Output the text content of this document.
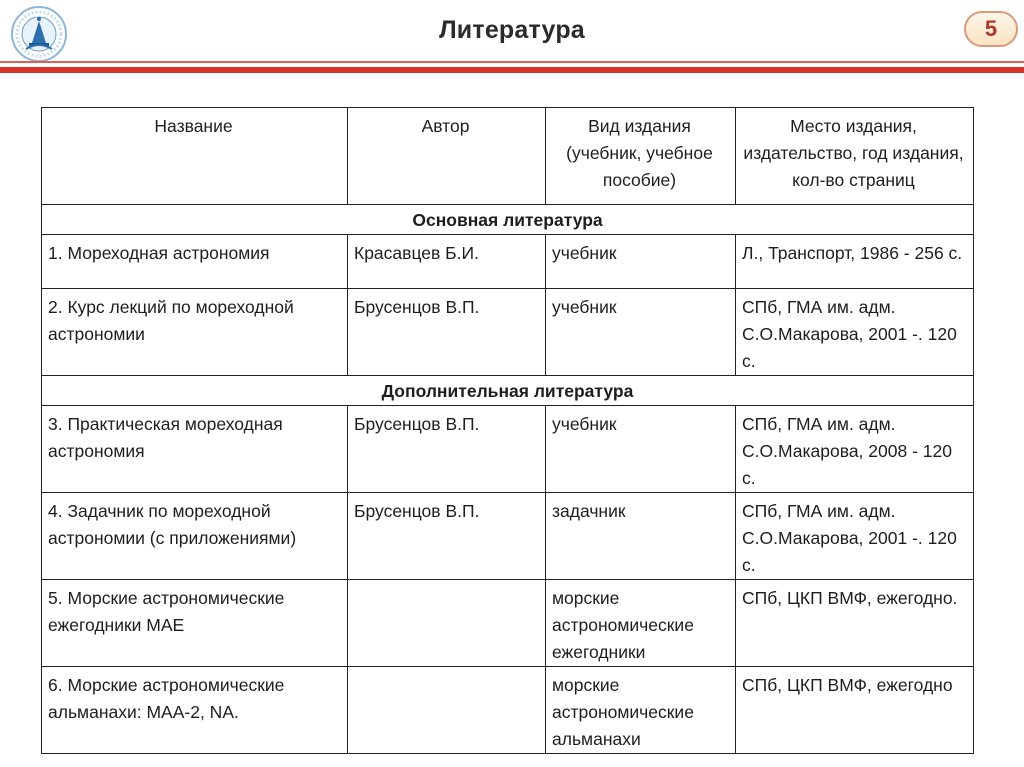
Литература	5
Название	Автор	Вид издания (учебник, учебное пособие)	Место издания, издательство, год издания, кол-во страниц
Основная литература			
1. Мореходная астрономия	Красавцев Б.И.	учебник	Л., Транспорт, 1986 - 256 с.
2. Курс лекций по мореходной астрономии	Брусенцов В.П.	учебник	СПб, ГМА им. адм. С.О.Макарова, 2001 -. 120 с.
Дополнительная литература			
3. Практическая мореходная астрономия	Брусенцов В.П.	учебник	СПб, ГМА им. адм. С.О.Макарова, 2008 - 120 с.
4. Задачник по мореходной астрономии (с приложениями)	Брусенцов В.П.	задачник	СПб, ГМА им. адм. С.О.Макарова, 2001 -. 120 с.
5. Морские астрономические ежегодники МАЕ		морские астрономические ежегодники	СПб, ЦКП ВМФ, ежегодно.
6. Морские астрономические альманахи: МАА-2, NA.		морские астрономические альманахи	СПб, ЦКП ВМФ, ежегодно
